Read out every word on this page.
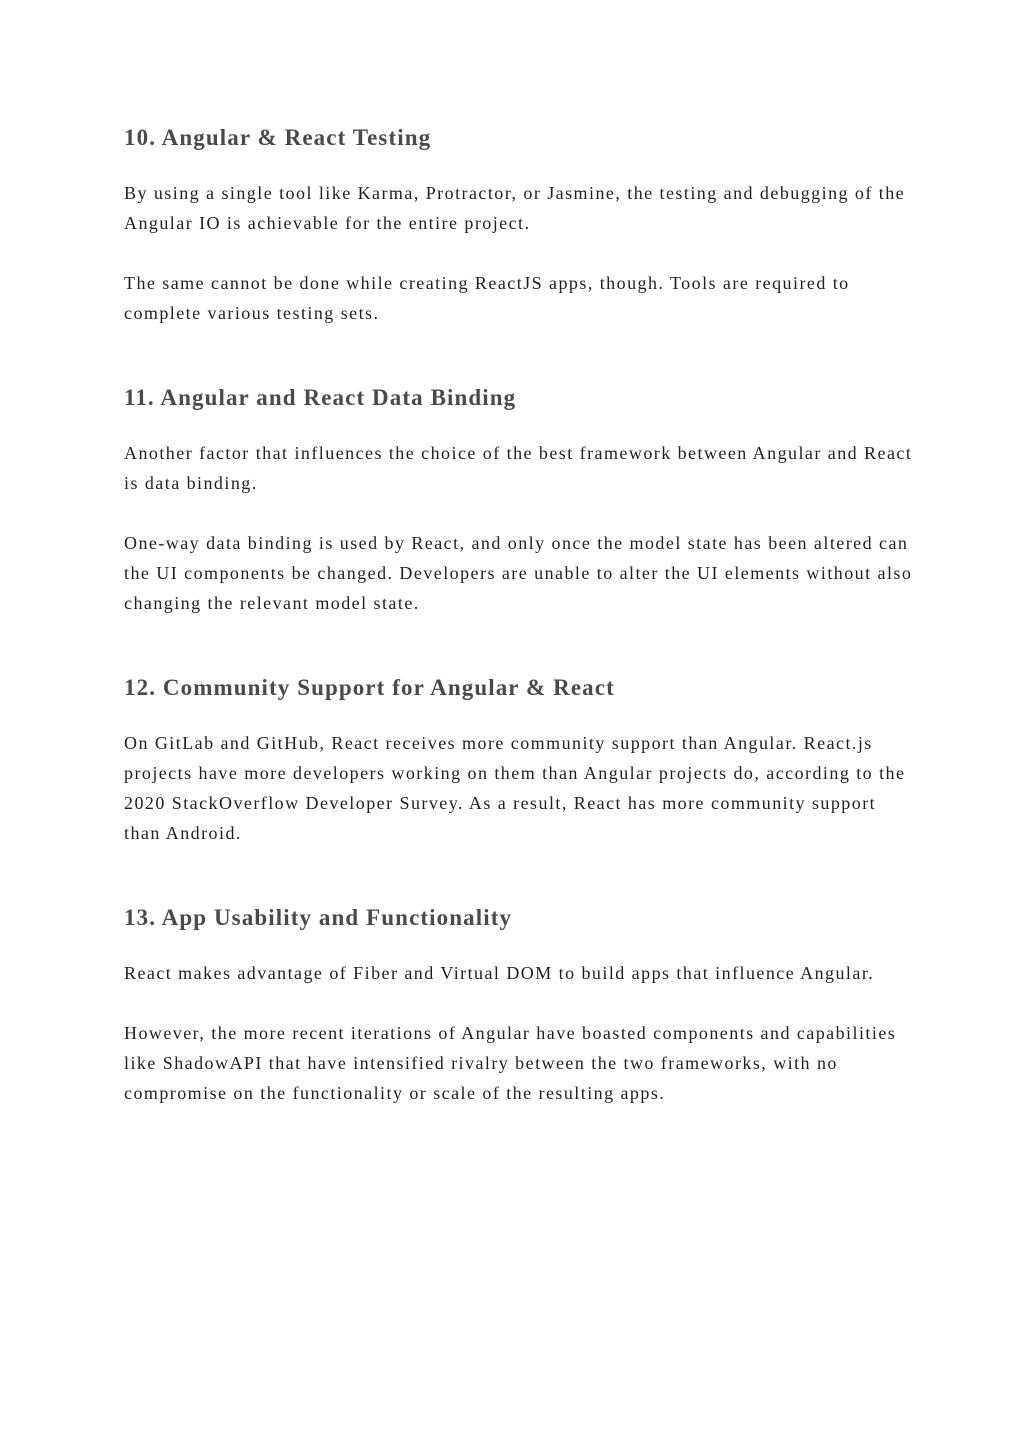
10. Angular & React Testing

By using a single tool like Karma, Protractor, or Jasmine, the testing and debugging of the Angular IO is achievable for the entire project.

The same cannot be done while creating ReactJS apps, though. Tools are required to complete various testing sets.

11. Angular and React Data Binding

Another factor that influences the choice of the best framework between Angular and React is data binding.

One-way data binding is used by React, and only once the model state has been altered can the UI components be changed. Developers are unable to alter the UI elements without also changing the relevant model state.

12. Community Support for Angular & React

On GitLab and GitHub, React receives more community support than Angular. React.js projects have more developers working on them than Angular projects do, according to the 2020 StackOverflow Developer Survey. As a result, React has more community support than Android.

13. App Usability and Functionality

React makes advantage of Fiber and Virtual DOM to build apps that influence Angular.

However, the more recent iterations of Angular have boasted components and capabilities like ShadowAPI that have intensified rivalry between the two frameworks, with no compromise on the functionality or scale of the resulting apps.
